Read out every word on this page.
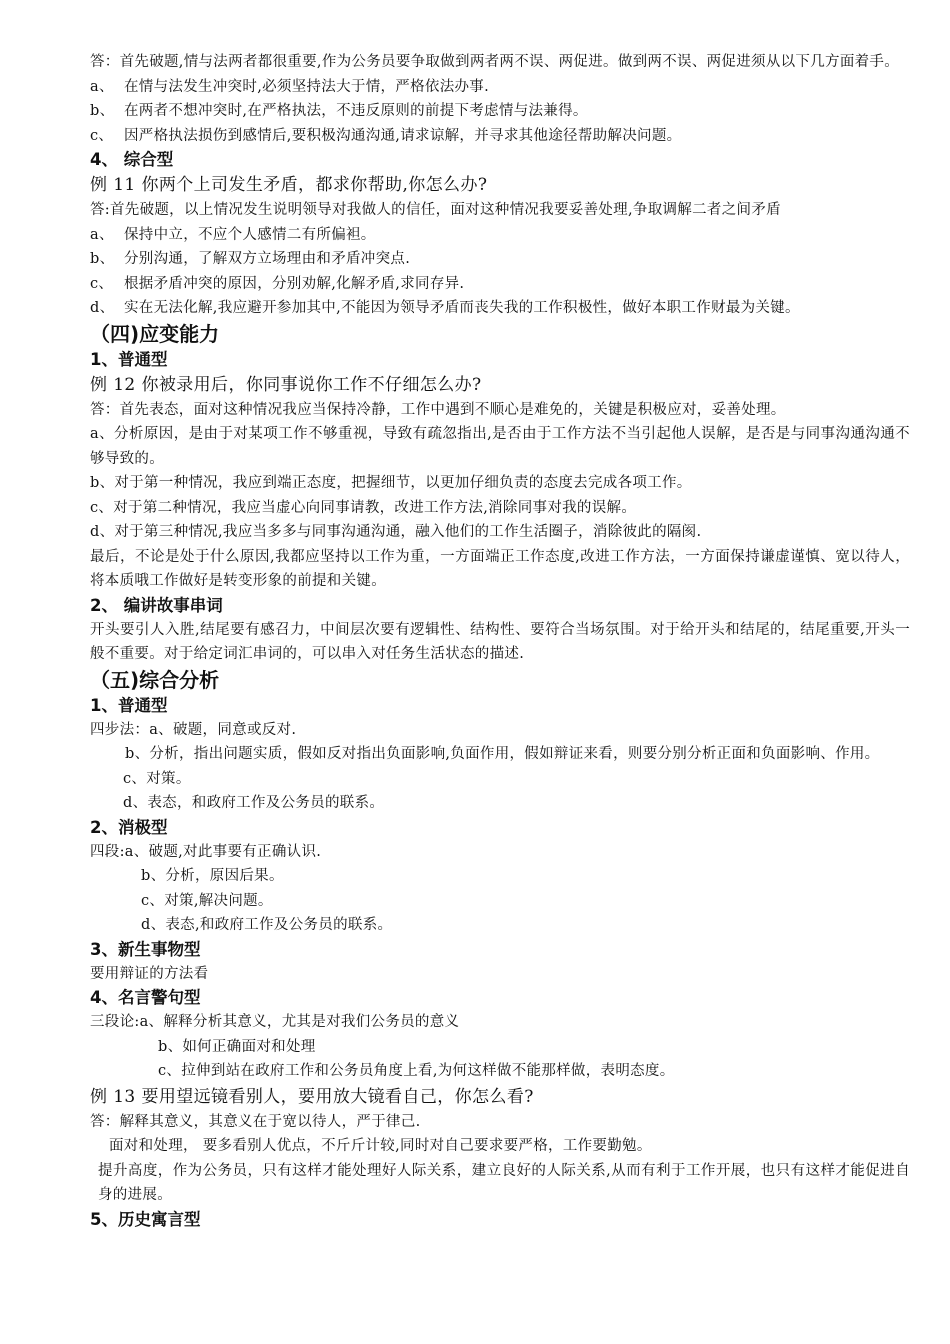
答：首先破题,情与法两者都很重要,作为公务员要争取做到两者两不误、两促进。做到两不误、两促进须从以下几方面着手。
a、 在情与法发生冲突时,必须坚持法大于情，严格依法办事.
b、 在两者不想冲突时,在严格执法，不违反原则的前提下考虑情与法兼得。
c、 因严格执法损伤到感情后,要积极沟通沟通,请求谅解，并寻求其他途径帮助解决问题。
4、 综合型
例 11 你两个上司发生矛盾，都求你帮助,你怎么办?
答:首先破题，以上情况发生说明领导对我做人的信任，面对这种情况我要妥善处理,争取调解二者之间矛盾
a、 保持中立，不应个人感情二有所偏袒。
b、 分别沟通，了解双方立场理由和矛盾冲突点.
c、 根据矛盾冲突的原因，分别劝解,化解矛盾,求同存异.
d、 实在无法化解,我应避开参加其中,不能因为领导矛盾而丧失我的工作积极性，做好本职工作财最为关键。
（四)应变能力
1、普通型
例 12 你被录用后，你同事说你工作不仔细怎么办?
答：首先表态，面对这种情况我应当保持冷静，工作中遇到不顺心是难免的，关键是积极应对，妥善处理。
a、分析原因，是由于对某项工作不够重视，导致有疏忽指出,是否由于工作方法不当引起他人误解，是否是与同事沟通沟通不够导致的。
b、对于第一种情况，我应到端正态度，把握细节，以更加仔细负责的态度去完成各项工作。
c、对于第二种情况，我应当虚心向同事请教，改进工作方法,消除同事对我的误解。
d、对于第三种情况,我应当多多与同事沟通沟通，融入他们的工作生活圈子，消除彼此的隔阂.
最后，不论是处于什么原因,我都应坚持以工作为重，一方面端正工作态度,改进工作方法，一方面保持谦虚谨慎、宽以待人，将本质哦工作做好是转变形象的前提和关键。
2、 编讲故事串词
开头要引人入胜,结尾要有感召力，中间层次要有逻辑性、结构性、要符合当场氛围。对于给开头和结尾的，结尾重要,开头一般不重要。对于给定词汇串词的，可以串入对任务生活状态的描述.
（五)综合分析
1、普通型
四步法：a、破题，同意或反对.
b、分析，指出问题实质，假如反对指出负面影响,负面作用，假如辩证来看，则要分别分析正面和负面影响、作用。
c、对策。
d、表态，和政府工作及公务员的联系。
2、消极型
四段:a、破题,对此事要有正确认识.
b、分析，原因后果。
c、对策,解决问题。
d、表态,和政府工作及公务员的联系。
3、新生事物型
要用辩证的方法看
4、名言警句型
三段论:a、解释分析其意义，尤其是对我们公务员的意义
b、如何正确面对和处理
c、拉伸到站在政府工作和公务员角度上看,为何这样做不能那样做，表明态度。
例 13 要用望远镜看别人，要用放大镜看自己，你怎么看?
答：解释其意义，其意义在于宽以待人，严于律己.
面对和处理， 要多看别人优点，不斤斤计较,同时对自己要求要严格，工作要勤勉。
提升高度，作为公务员，只有这样才能处理好人际关系，建立良好的人际关系,从而有利于工作开展，也只有这样才能促进自身的进展。
5、历史寓言型
